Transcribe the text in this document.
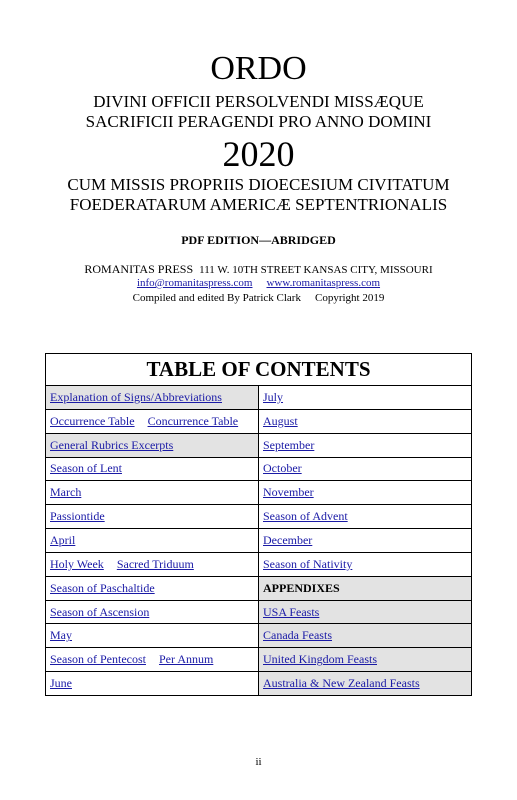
ORDO
DIVINI OFFICII PERSOLVENDI MISSÆQUE
SACRIFICII PERAGENDI PRO ANNO DOMINI
2020
CUM MISSIS PROPRIIS DIOECESIUM CIVITATUM
FOEDERATARUM AMERICÆ SEPTENTRIONALIS
PDF EDITION—ABRIDGED
ROMANITAS PRESS 111 W. 10TH STREET KANSAS CITY, MISSOURI
info@romanitaspress.com www.romanitaspress.com
Compiled and edited By Patrick Clark Copyright 2019
TABLE OF CONTENTS	
Explanation of Signs/Abbreviations	July
Occurrence Table Concurrence Table	August
General Rubrics Excerpts	September
Season of Lent	October
March	November
Passiontide	Season of Advent
April	December
Holy Week Sacred Triduum	Season of Nativity
Season of Paschaltide	APPENDIXES
Season of Ascension	USA Feasts
May	Canada Feasts
Season of Pentecost Per Annum	United Kingdom Feasts
June	Australia & New Zealand Feasts
ii
